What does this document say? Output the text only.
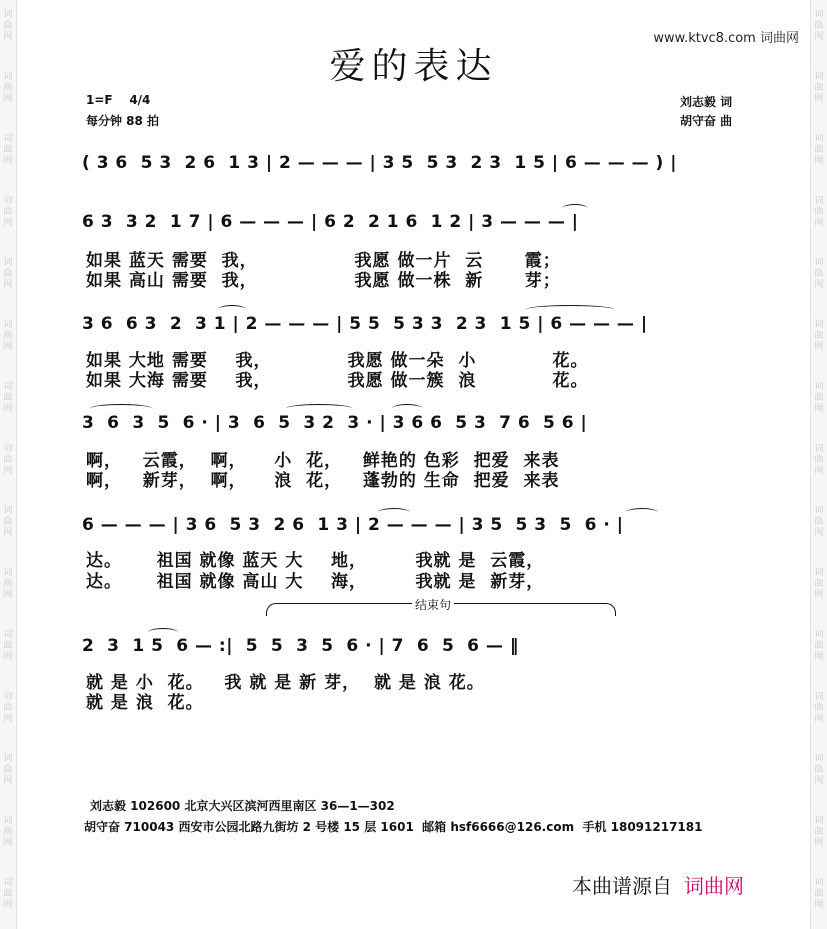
词
曲
网
词
曲
网
词
曲
网
词
曲
网
词
曲
网
词
曲
网
词
曲
网
词
曲
网
词
曲
网
词
曲
网
词
曲
网
词
曲
网
词
曲
网
词
曲
网
词
曲
网
词
曲
网
词
曲
网
词
曲
网
词
曲
网
词
曲
网
词
曲
网
词
曲
网
词
曲
网
词
曲
网
词
曲
网
词
曲
网
词
曲
网
词
曲
网
词
曲
网
词
曲
网
www.ktvc8.com 词曲网
爱的表达
1=F 4/4
每分钟 88 拍
刘志毅 词
胡守奋 曲
( 3 6  5 3  2 6  1 3 | 2 — — — | 3 5  5 3  2 3  1 5 | 6 — — — ) |
6 3  3 2  1 7 | 6 — — — | 6 2  2 1 6  1 2 | 3 — — — |
如果 蓝天 需要  我，              我愿 做一片  云      霞；
如果 高山 需要  我，              我愿 做一株  新      芽；
3 6  6 3  2  3 1 | 2 — — — | 5 5  5 3 3  2 3  1 5 | 6 — — — |
如果 大地 需要    我，           我愿 做一朵  小           花。
如果 大海 需要    我，           我愿 做一簇  浪           花。
3  6  3  5  6 · | 3  6  5  3 2  3 · | 3 6 6  5 3  7 6  5 6 |
啊，   云霞，  啊，    小  花，   鲜艳的 色彩  把爱  来表
啊，   新芽，  啊，    浪  花，   蓬勃的 生命  把爱  来表
6 — — — | 3 6  5 3  2 6  1 3 | 2 — — — | 3 5  5 3  5  6 · |
达。     祖国 就像 蓝天 大    地，       我就 是  云霞，
达。     祖国 就像 高山 大    海，       我就 是  新芽，
结束句
2  3  1 5  6 — :|  5  5  3  5  6 · | 7  6  5  6 — ‖
就 是 小  花。   我 就 是 新 芽，  就 是 浪 花。
就 是 浪  花。
刘志毅 102600 北京大兴区滨河西里南区 36—1—302
胡守奋 710043 西安市公园北路九街坊 2 号楼 15 层 1601  邮箱 hsf6666@126.com  手机 18091217181
本曲谱源自 词曲网
